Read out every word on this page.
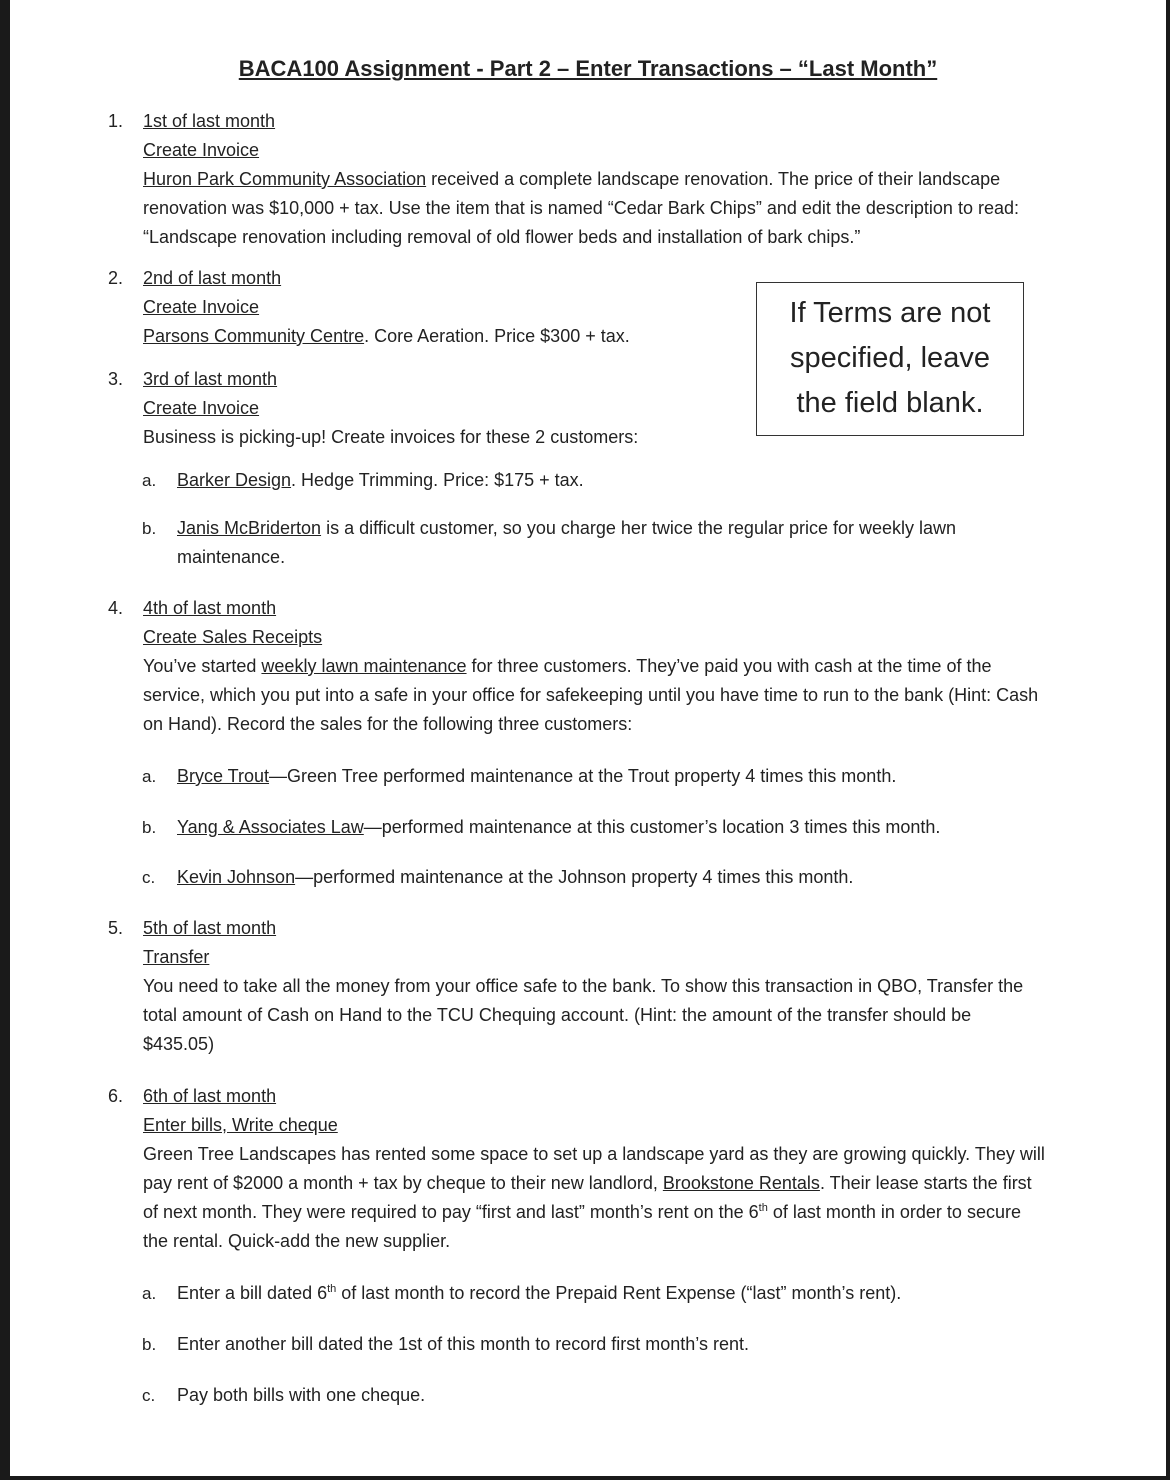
BACA100 Assignment - Part 2 – Enter Transactions – “Last Month”
1. 1st of last month
Create Invoice
Huron Park Community Association received a complete landscape renovation. The price of their landscape
renovation was $10,000 + tax. Use the item that is named “Cedar Bark Chips” and edit the description to read:
“Landscape renovation including removal of old flower beds and installation of bark chips.”
2. 2nd of last month
Create Invoice
Parsons Community Centre. Core Aeration. Price $300 + tax.
If Terms are not
specified, leave
the field blank.
3. 3rd of last month
Create Invoice
Business is picking-up! Create invoices for these 2 customers:
a. Barker Design. Hedge Trimming. Price: $175 + tax.
b. Janis McBriderton is a difficult customer, so you charge her twice the regular price for weekly lawn
maintenance.
4. 4th of last month
Create Sales Receipts
You’ve started weekly lawn maintenance for three customers. They’ve paid you with cash at the time of the
service, which you put into a safe in your office for safekeeping until you have time to run to the bank (Hint: Cash
on Hand). Record the sales for the following three customers:
a. Bryce Trout—Green Tree performed maintenance at the Trout property 4 times this month.
b. Yang & Associates Law—performed maintenance at this customer’s location 3 times this month.
c. Kevin Johnson—performed maintenance at the Johnson property 4 times this month.
5. 5th of last month
Transfer
You need to take all the money from your office safe to the bank. To show this transaction in QBO, Transfer the
total amount of Cash on Hand to the TCU Chequing account. (Hint: the amount of the transfer should be
$435.05)
6. 6th of last month
Enter bills, Write cheque
Green Tree Landscapes has rented some space to set up a landscape yard as they are growing quickly. They will
pay rent of $2000 a month + tax by cheque to their new landlord, Brookstone Rentals. Their lease starts the first
of next month. They were required to pay “first and last” month’s rent on the 6th of last month in order to secure
the rental. Quick-add the new supplier.
a. Enter a bill dated 6th of last month to record the Prepaid Rent Expense (“last” month’s rent).
b. Enter another bill dated the 1st of this month to record first month’s rent.
c. Pay both bills with one cheque.
